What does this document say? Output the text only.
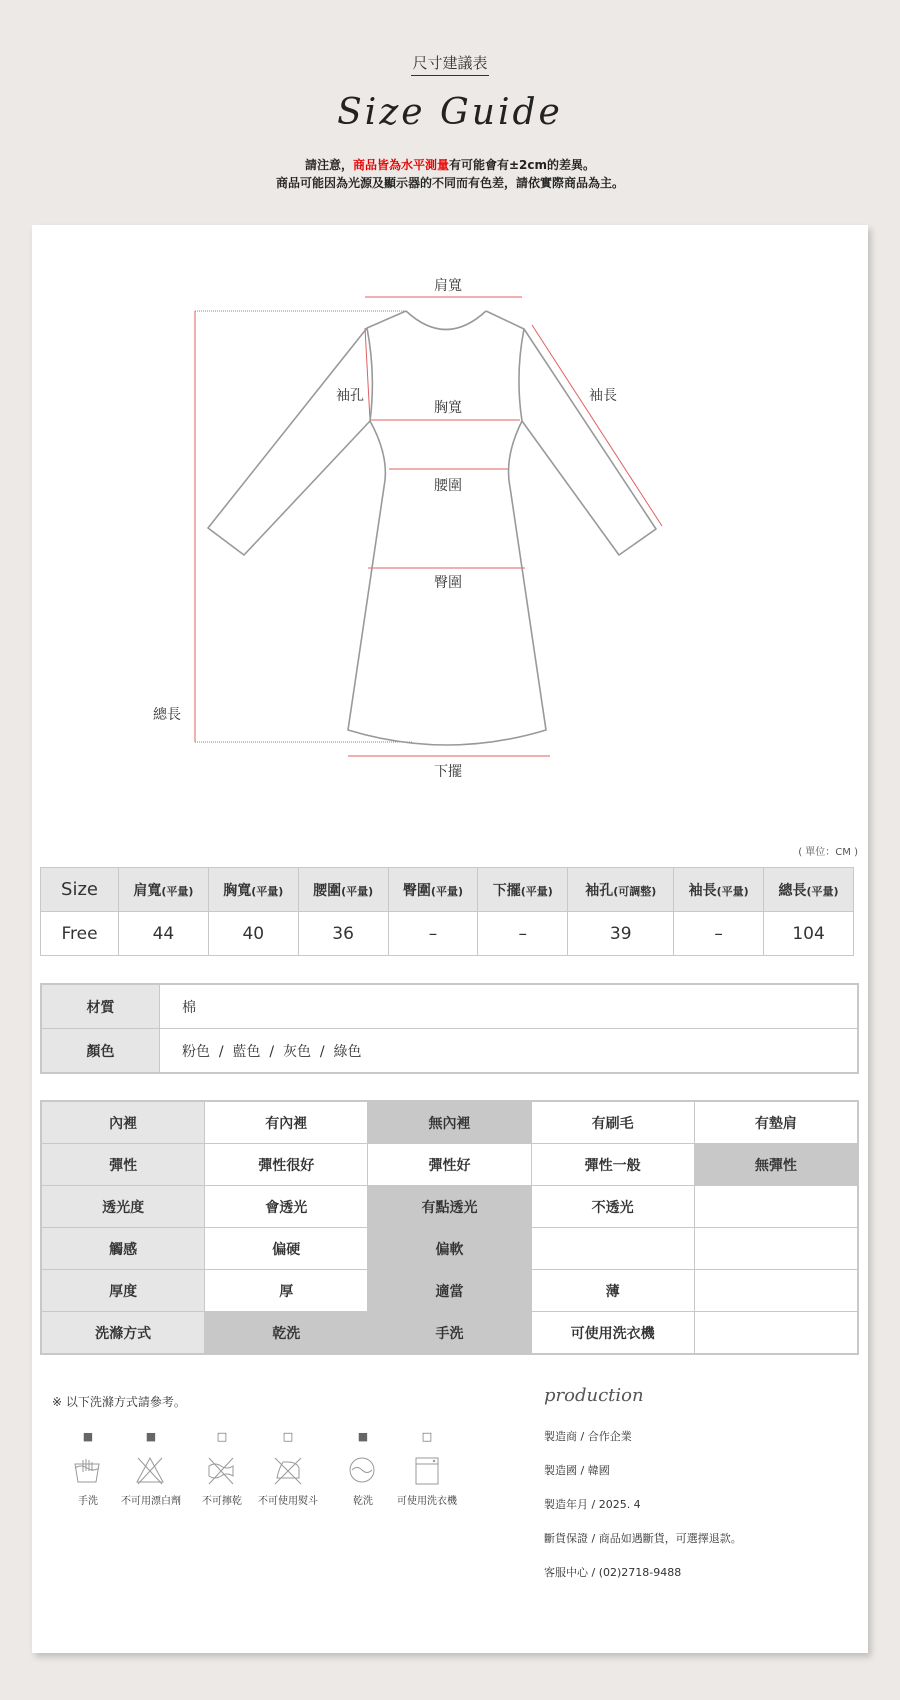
尺寸建議表
Size Guide
請注意，商品皆為水平測量有可能會有±2cm的差異。
商品可能因為光源及顯示器的不同而有色差，請依實際商品為主。
肩寬
袖孔
胸寬
袖長
腰圍
臀圍
總長
下擺
( 單位：CM )
Size	肩寬(平量)	胸寬(平量)	腰圍(平量)	臀圍(平量)	下擺(平量)	袖孔(可調整)	袖長(平量)	總長(平量)
Free	44	40	36	–	–	39	–	104
材質	棉
顏色	粉色  /  藍色  /  灰色  /  綠色
內裡	有內裡	無內裡	有刷毛	有墊肩
彈性	彈性很好	彈性好	彈性一般	無彈性
透光度	會透光	有點透光	不透光	
觸感	偏硬	偏軟		
厚度	厚	適當	薄	
洗滌方式	乾洗	手洗	可使用洗衣機	
※ 以下洗滌方式請參考。
■
手洗
■
不可用漂白劑
□
不可擰乾
□
不可使用熨斗
■
乾洗
□
可使用洗衣機
production
製造商 / 合作企業
製造國 / 韓國
製造年月 / 2025. 4
斷貨保證 / 商品如遇斷貨，可選擇退款。
客服中心 / (02)2718-9488
